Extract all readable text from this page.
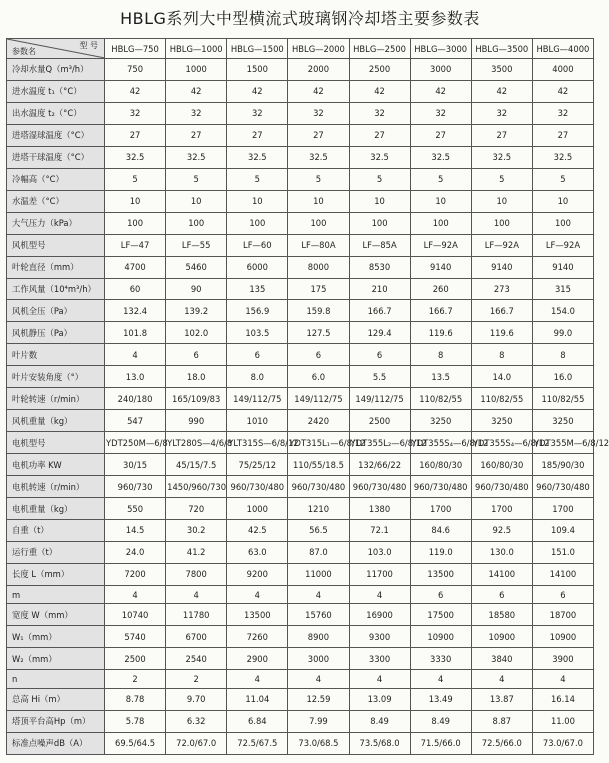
HBLG系列大中型横流式玻璃钢冷却塔主要参数表
型 号
参数名	HBLG—750	HBLG—1000	HBLG—1500	HBLG—2000	HBLG—2500	HBLG—3000	HBLG—3500	HBLG—4000
冷却水量Q（m³/h）	750	1000	1500	2000	2500	3000	3500	4000
进水温度 t₁（°C）	42	42	42	42	42	42	42	42
出水温度 t₂（°C）	32	32	32	32	32	32	32	32
进塔湿球温度（°C）	27	27	27	27	27	27	27	27
进塔干球温度（°C）	32.5	32.5	32.5	32.5	32.5	32.5	32.5	32.5
冷幅高（°C）	5	5	5	5	5	5	5	5
水温差（°C）	10	10	10	10	10	10	10	10
大气压力（kPa）	100	100	100	100	100	100	100	100
风机型号	LF—47	LF—55	LF—60	LF—80A	LF—85A	LF—92A	LF—92A	LF—92A
叶轮直径（mm）	4700	5460	6000	8000	8530	9140	9140	9140
工作风量（10⁴m³/h）	60	90	135	175	210	260	273	315
风机全压（Pa）	132.4	139.2	156.9	159.8	166.7	166.7	166.7	154.0
风机静压（Pa）	101.8	102.0	103.5	127.5	129.4	119.6	119.6	99.0
叶片数	4	6	6	6	6	8	8	8
叶片安装角度（°）	13.0	18.0	8.0	6.0	5.5	13.5	14.0	16.0
叶轮转速（r/min）	240/180	165/109/83	149/112/75	149/112/75	149/112/75	110/82/55	110/82/55	110/82/55
风机重量（kg）	547	990	1010	2420	2500	3250	3250	3250
电机型号	YDT250M—6/8	YLT280S—4/6/8	YLT315S—6/8/12	YDT315L₁—6/8/12	YDT355L₂—6/8/12	YDT355S₄—6/8/12	YDT355S₄—6/8/12	YDT355M—6/8/12
电机功率 KW	30/15	45/15/7.5	75/25/12	110/55/18.5	132/66/22	160/80/30	160/80/30	185/90/30
电机转速（r/min）	960/730	1450/960/730	960/730/480	960/730/480	960/730/480	960/730/480	960/730/480	960/730/480
电机重量（kg）	550	720	1000	1210	1380	1700	1700	1700
自重（t）	14.5	30.2	42.5	56.5	72.1	84.6	92.5	109.4
运行重（t）	24.0	41.2	63.0	87.0	103.0	119.0	130.0	151.0
长度 L（mm）	7200	7800	9200	11000	11700	13500	14100	14100
m	4	4	4	4	4	6	6	6
宽度 W（mm）	10740	11780	13500	15760	16900	17500	18580	18700
W₁（mm）	5740	6700	7260	8900	9300	10900	10900	10900
W₂（mm）	2500	2540	2900	3000	3300	3330	3840	3900
n	2	2	4	4	4	4	4	4
总高 Hi（m）	8.78	9.70	11.04	12.59	13.09	13.49	13.87	16.14
塔顶平台高Hp（m）	5.78	6.32	6.84	7.99	8.49	8.49	8.87	11.00
标准点噪声dB（A）	69.5/64.5	72.0/67.0	72.5/67.5	73.0/68.5	73.5/68.0	71.5/66.0	72.5/66.0	73.0/67.0
